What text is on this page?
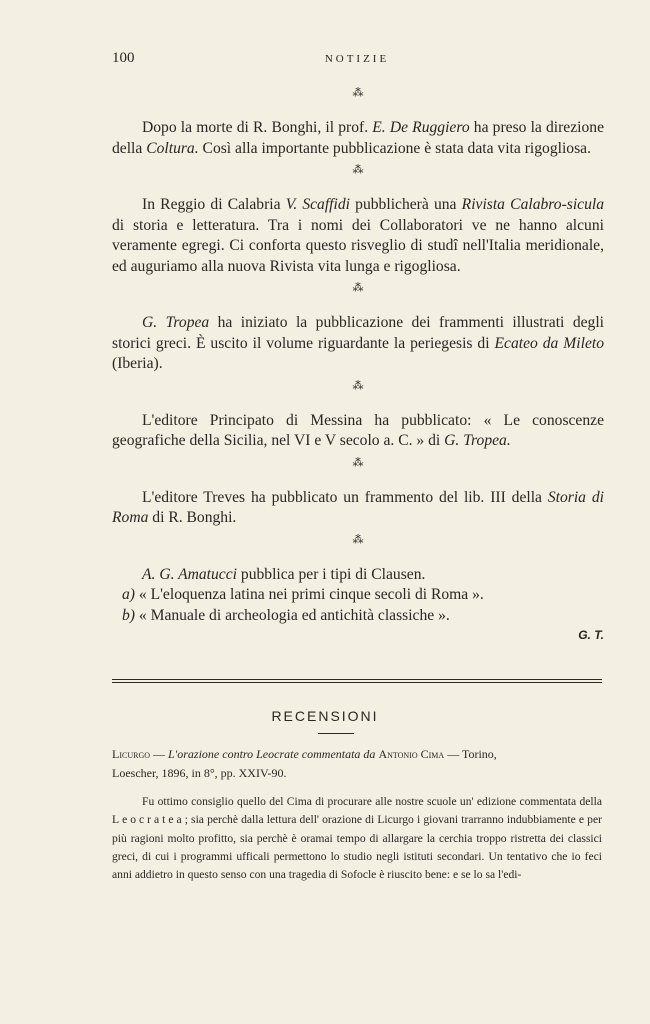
100	NOTIZIE
⁂

Dopo la morte di R. Bonghi, il prof. E. De Ruggiero ha preso la direzione della Coltura. Così alla importante pubblicazione è stata data vita rigogliosa.

⁂

In Reggio di Calabria V. Scaffidi pubblicherà una Rivista Calabro-sicula di storia e letteratura. Tra i nomi dei Collaboratori ve ne hanno alcuni veramente egregi. Ci conforta questo risveglio di studî nell'Italia meridionale, ed auguriamo alla nuova Rivista vita lunga e rigogliosa.

⁂

G. Tropea ha iniziato la pubblicazione dei frammenti illustrati degli storici greci. È uscito il volume riguardante la periegesis di Ecateo da Mileto (Iberia).

⁂

L'editore Principato di Messina ha pubblicato: « Le conoscenze geografiche della Sicilia, nel VI e V secolo a. C. » di G. Tropea.

⁂

L'editore Treves ha pubblicato un frammento del lib. III della Storia di Roma di R. Bonghi.

⁂

A. G. Amatucci pubblica per i tipi di Clausen.

a) « L'eloquenza latina nei primi cinque secoli di Roma ».

b) « Manuale di archeologia ed antichità classiche ».

G. T.
RECENSIONI
Licurgo — L'orazione contro Leocrate commentata da Antonio Cima — Torino,
Loescher, 1896, in 8°, pp. XXIV-90.

Fu ottimo consiglio quello del Cima di procurare alle nostre scuole un' edizione commentata della Leocratea; sia perchè dalla lettura dell' orazione di Licurgo i giovani trarranno indubbiamente e per più ragioni molto profitto, sia perchè è oramai tempo di allargare la cerchia troppo ristretta dei classici greci, di cui i programmi ufficali permettono lo studio negli istituti secondari. Un tentativo che io feci anni addietro in questo senso con una tragedia di Sofocle è riuscito bene: e se lo sa l'edi-
